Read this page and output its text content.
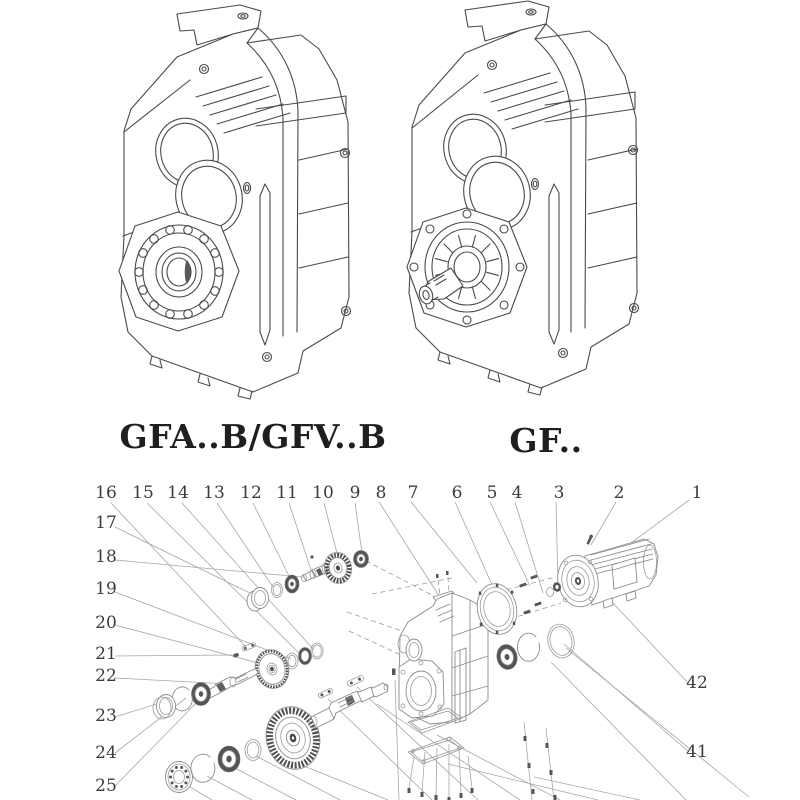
GFA..B/GFV..B	GF..
1
2
3
4
5
6
7
8
9
10
11
12
13
14
15
16
17
18
19
20
21
22
23
24
25
41
42
